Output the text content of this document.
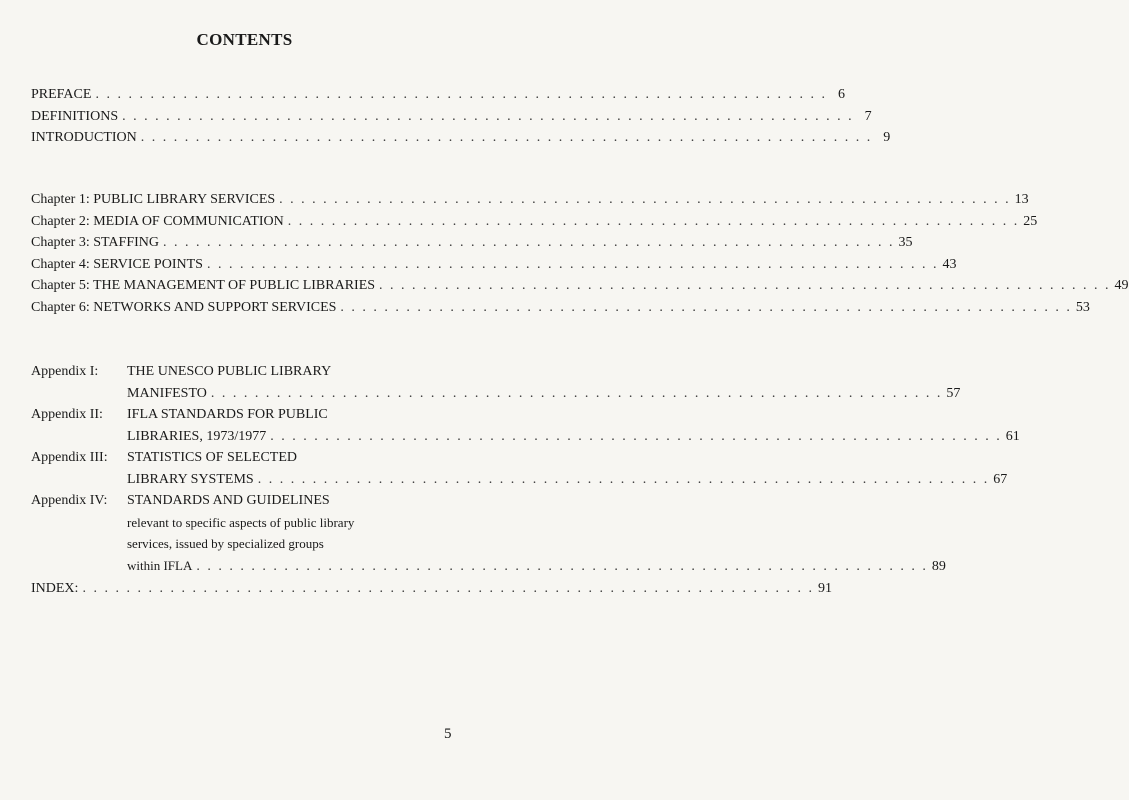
CONTENTS
PREFACE . . .	6
DEFINITIONS . . .	7
INTRODUCTION . . .	9
Chapter 1: PUBLIC LIBRARY SERVICES . . .	13
Chapter 2: MEDIA OF COMMUNICATION . . .	25
Chapter 3: STAFFING . . .	35
Chapter 4: SERVICE POINTS . . .	43
Chapter 5: THE MANAGEMENT OF PUBLIC LIBRARIES . . .	49
Chapter 6: NETWORKS AND SUPPORT SERVICES . . .	53
Appendix I:	THE UNESCO PUBLIC LIBRARY
MANIFESTO . . .	57
Appendix II:	IFLA STANDARDS FOR PUBLIC
LIBRARIES, 1973/1977 . . .	61
Appendix III:	STATISTICS OF SELECTED
LIBRARY SYSTEMS . . .	67
Appendix IV:	STANDARDS AND GUIDELINES
relevant to specific aspects of public library
services, issued by specialized groups
within IFLA . . .	89
INDEX: . . .	91
5
